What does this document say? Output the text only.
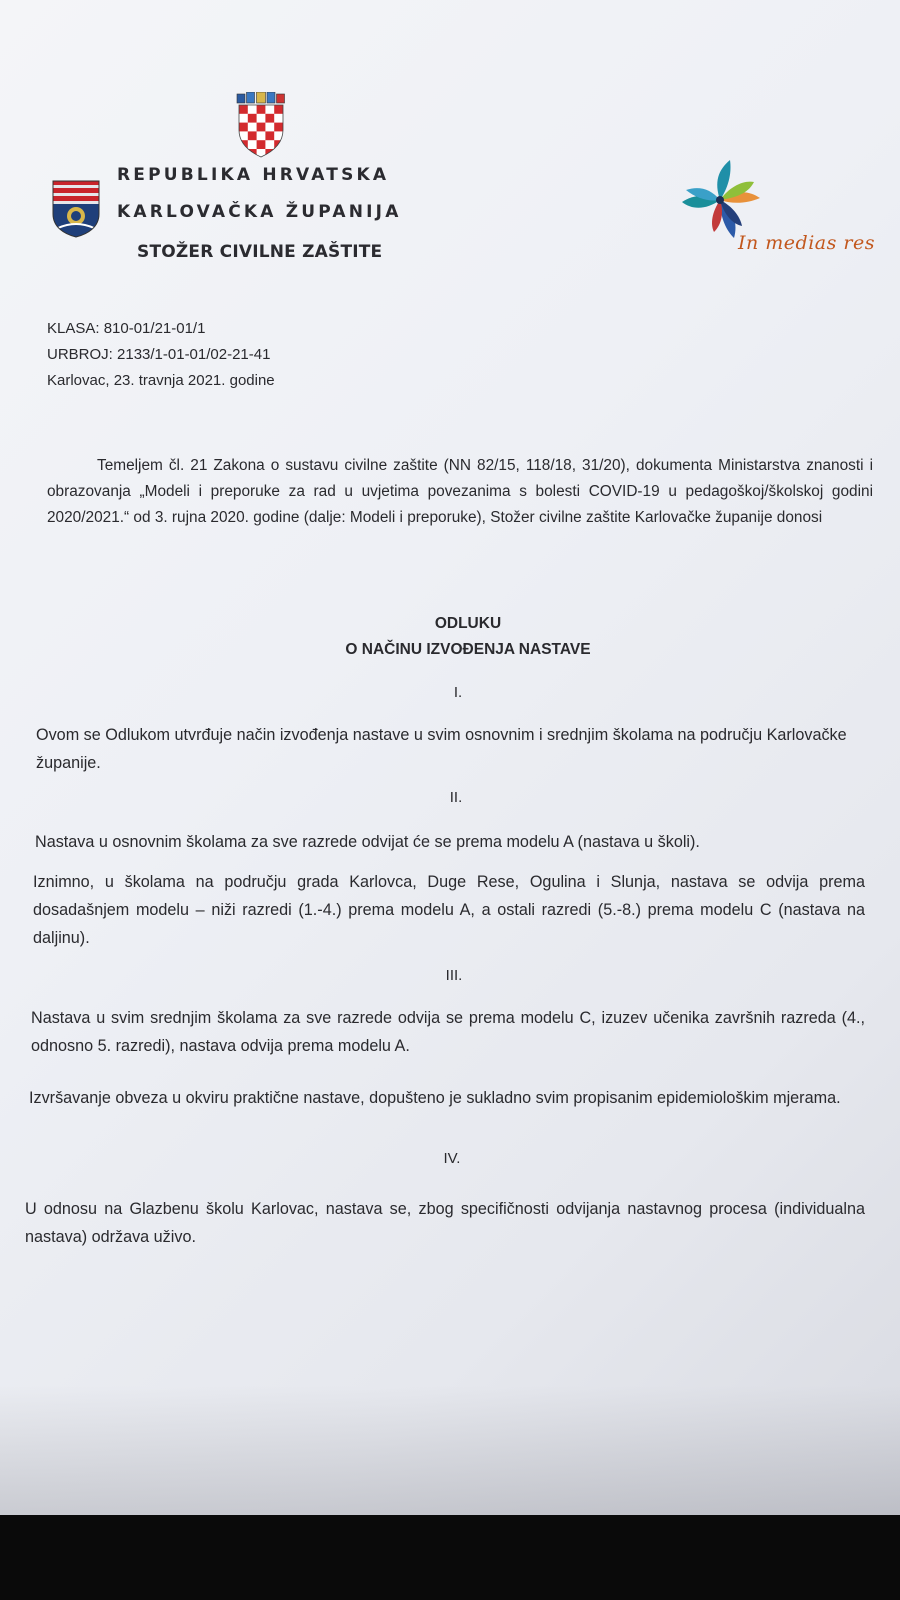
REPUBLIKA HRVATSKA
KARLOVAČKA ŽUPANIJA
STOŽER CIVILNE ZAŠTITE	In medias res
KLASA: 810-01/21-01/1
URBROJ: 2133/1-01-01/02-21-41
Karlovac, 23. travnja 2021. godine
Temeljem čl. 21 Zakona o sustavu civilne zaštite (NN 82/15, 118/18, 31/20), dokumenta Ministarstva znanosti i obrazovanja „Modeli i preporuke za rad u uvjetima povezanima s bolesti COVID-19 u pedagoškoj/školskoj godini 2020/2021.“ od 3. rujna 2020. godine (dalje: Modeli i preporuke), Stožer civilne zaštite Karlovačke županije donosi
ODLUKU
O NAČINU IZVOĐENJA NASTAVE
I.
Ovom se Odlukom utvrđuje način izvođenja nastave u svim osnovnim i srednjim školama na području Karlovačke županije.
II.
Nastava u osnovnim školama za sve razrede odvijat će se prema modelu A (nastava u školi).
Iznimno, u školama na području grada Karlovca, Duge Rese, Ogulina i Slunja, nastava se odvija prema dosadašnjem modelu – niži razredi (1.-4.) prema modelu A, a ostali razredi (5.-8.) prema modelu C (nastava na daljinu).
III.
Nastava u svim srednjim školama za sve razrede odvija se prema modelu C, izuzev učenika završnih razreda (4., odnosno 5. razredi), nastava odvija prema modelu A.
Izvršavanje obveza u okviru praktične nastave, dopušteno je sukladno svim propisanim epidemiološkim mjerama.
IV.
U odnosu na Glazbenu školu Karlovac, nastava se, zbog specifičnosti odvijanja nastavnog procesa (individualna nastava) održava uživo.
